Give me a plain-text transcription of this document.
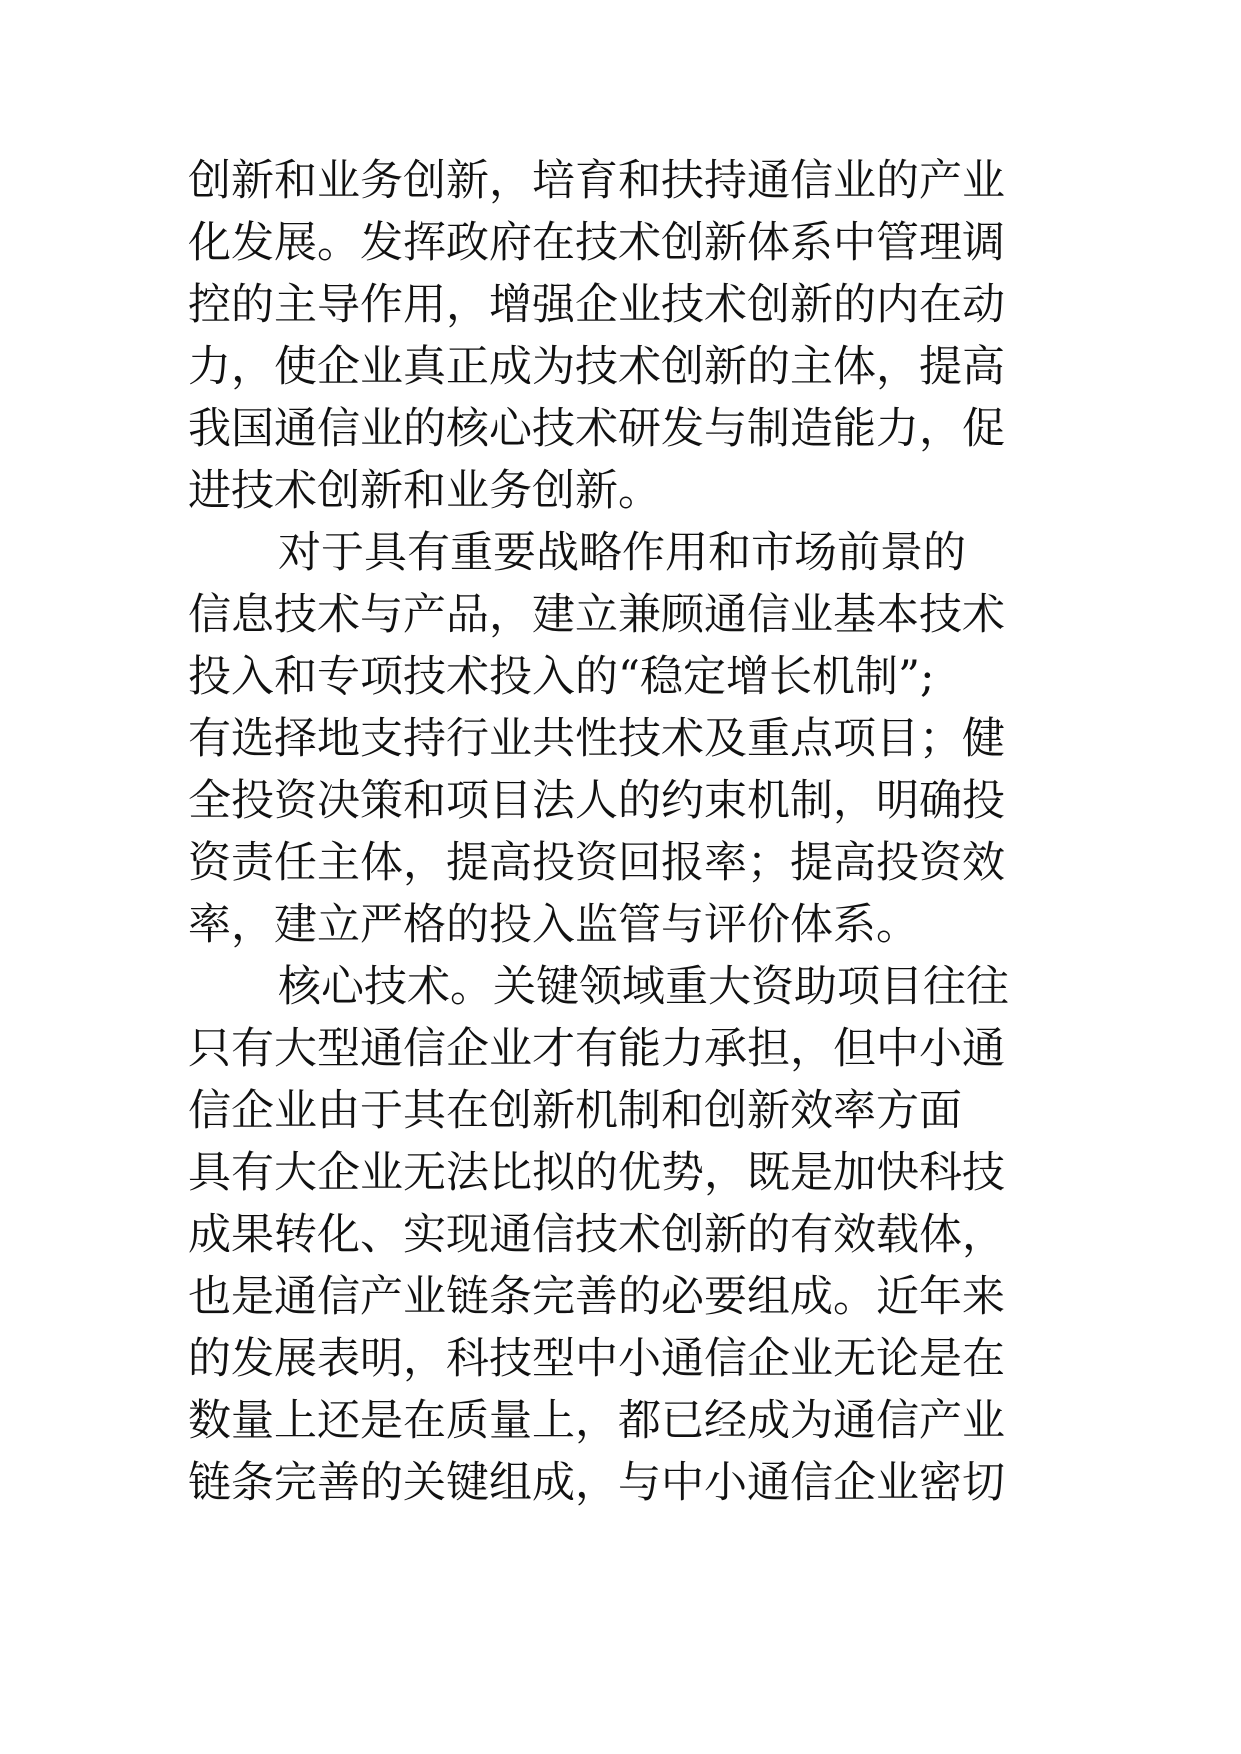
创新和业务创新，培育和扶持通信业的产业
化发展。发挥政府在技术创新体系中管理调
控的主导作用，增强企业技术创新的内在动
力，使企业真正成为技术创新的主体，提高
我国通信业的核心技术研发与制造能力，促
进技术创新和业务创新。
对于具有重要战略作用和市场前景的
信息技术与产品，建立兼顾通信业基本技术
投入和专项技术投入的“稳定增长机制”;
有选择地支持行业共性技术及重点项目；健
全投资决策和项目法人的约束机制，明确投
资责任主体，提高投资回报率；提高投资效
率，建立严格的投入监管与评价体系。
核心技术。关键领域重大资助项目往往
只有大型通信企业才有能力承担，但中小通
信企业由于其在创新机制和创新效率方面
具有大企业无法比拟的优势，既是加快科技
成果转化、实现通信技术创新的有效载体，
也是通信产业链条完善的必要组成。近年来
的发展表明，科技型中小通信企业无论是在
数量上还是在质量上，都已经成为通信产业
链条完善的关键组成，与中小通信企业密切
